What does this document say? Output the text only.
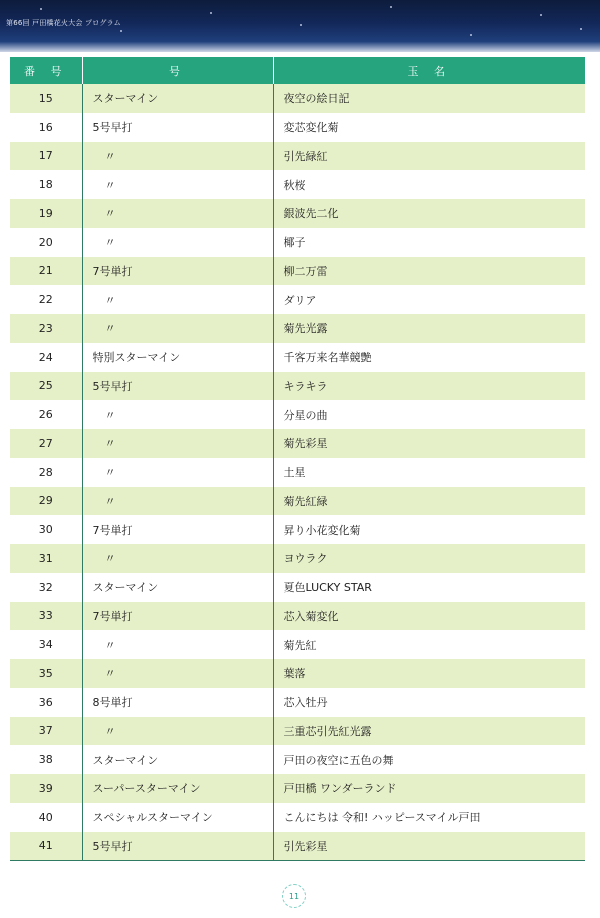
第66回 戸田橋花火大会 プログラム
番 号	号	玉 名
15	スターマイン	夜空の絵日記
16	5号早打	変芯変化菊
17	〃	引先緑紅
18	〃	秋桜
19	〃	銀波先二化
20	〃	椰子
21	7号単打	柳二万雷
22	〃	ダリア
23	〃	菊先光露
24	特別スターマイン	千客万来名華競艶
25	5号早打	キラキラ
26	〃	分星の曲
27	〃	菊先彩星
28	〃	土星
29	〃	菊先紅緑
30	7号単打	昇り小花変化菊
31	〃	ヨウラク
32	スターマイン	夏色LUCKY STAR
33	7号単打	芯入菊変化
34	〃	菊先紅
35	〃	葉落
36	8号単打	芯入牡丹
37	〃	三重芯引先紅光露
38	スターマイン	戸田の夜空に五色の舞
39	スーパースターマイン	戸田橋 ワンダーランド
40	スペシャルスターマイン	こんにちは 令和! ハッピースマイル戸田
41	5号早打	引先彩星
11
